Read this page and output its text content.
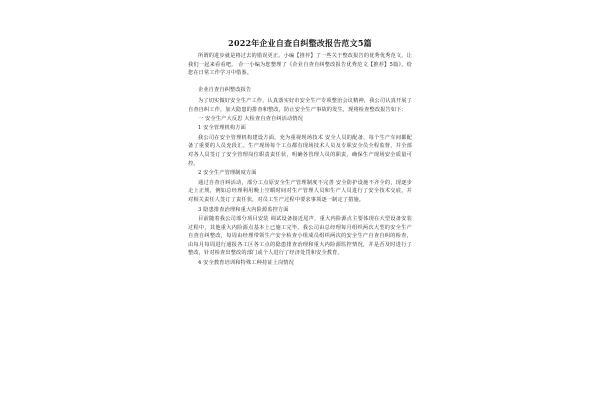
2022年企业自查自纠整改报告范文5篇

所谓的进步就是将过去的错误更正。小编【推荐】了一些关于整改报告的优秀优秀范文，让我们一起来看看吧。 企一小编为您整理了《企业自查自纠整改报告优秀范文【推荐】5篇》，给您在日常工作学习中借鉴。

企业自查自纠整改报告

为了切实做好安全生产工作，认真落实好市安全生产专项整治会议精神，我公司认真开展了自查自纠工作，加大隐患的排查和整改，防止安全生产事故的发生，现将检查整改报告如下：

一 安全生产大反思 大检查自查自纠活动情况

1 安全管理机构方面

我公司在安全管理机构建设方面，充为重视现场技术 安全人员的配备，每个生产车间都配备了重要的人员充段汇。生产现场每个工点都有现场技术人员及专职安全员全程监督，并全部对各人员签订了安全管理岗位职责责任状，明确各管理人员的职责，确保生产现场安全质量可控。

2 安全生产管理制度方面

通过自查自纠活动，部分工点原安全生产管理制度不完善 安全防护设施不齐全的，现逐步走上正规，例如总经理利用晚上空暇时间对生产管理人员和生产人员进行了安全技术交底，并对相关责任人签订了责任状，对员工生产过程中要求事项逐一制定了措施。

3 隐患排查治理和重大内险源监控方面

目前随着我公司部分项目安装 调试设备接近尾声，重大内险源点主要体现在大型设备安装过程中，其他重大内险源点基本上已施工完毕。我公司由总经理每月组织两次大型的安全生产自查自纠整改，每周由经理带领生产安全检查小组成员组织两次的安全生产自查自纠的检查，由每月每周进行通报各工区各工点的隐患排查治理和重大内险源监控情况，并是否及时进行了整改，针对检查出整改的部门或个人进行了经济处罚和安全教育。

4 安全教育培训和特殊工种持证上岗情况
